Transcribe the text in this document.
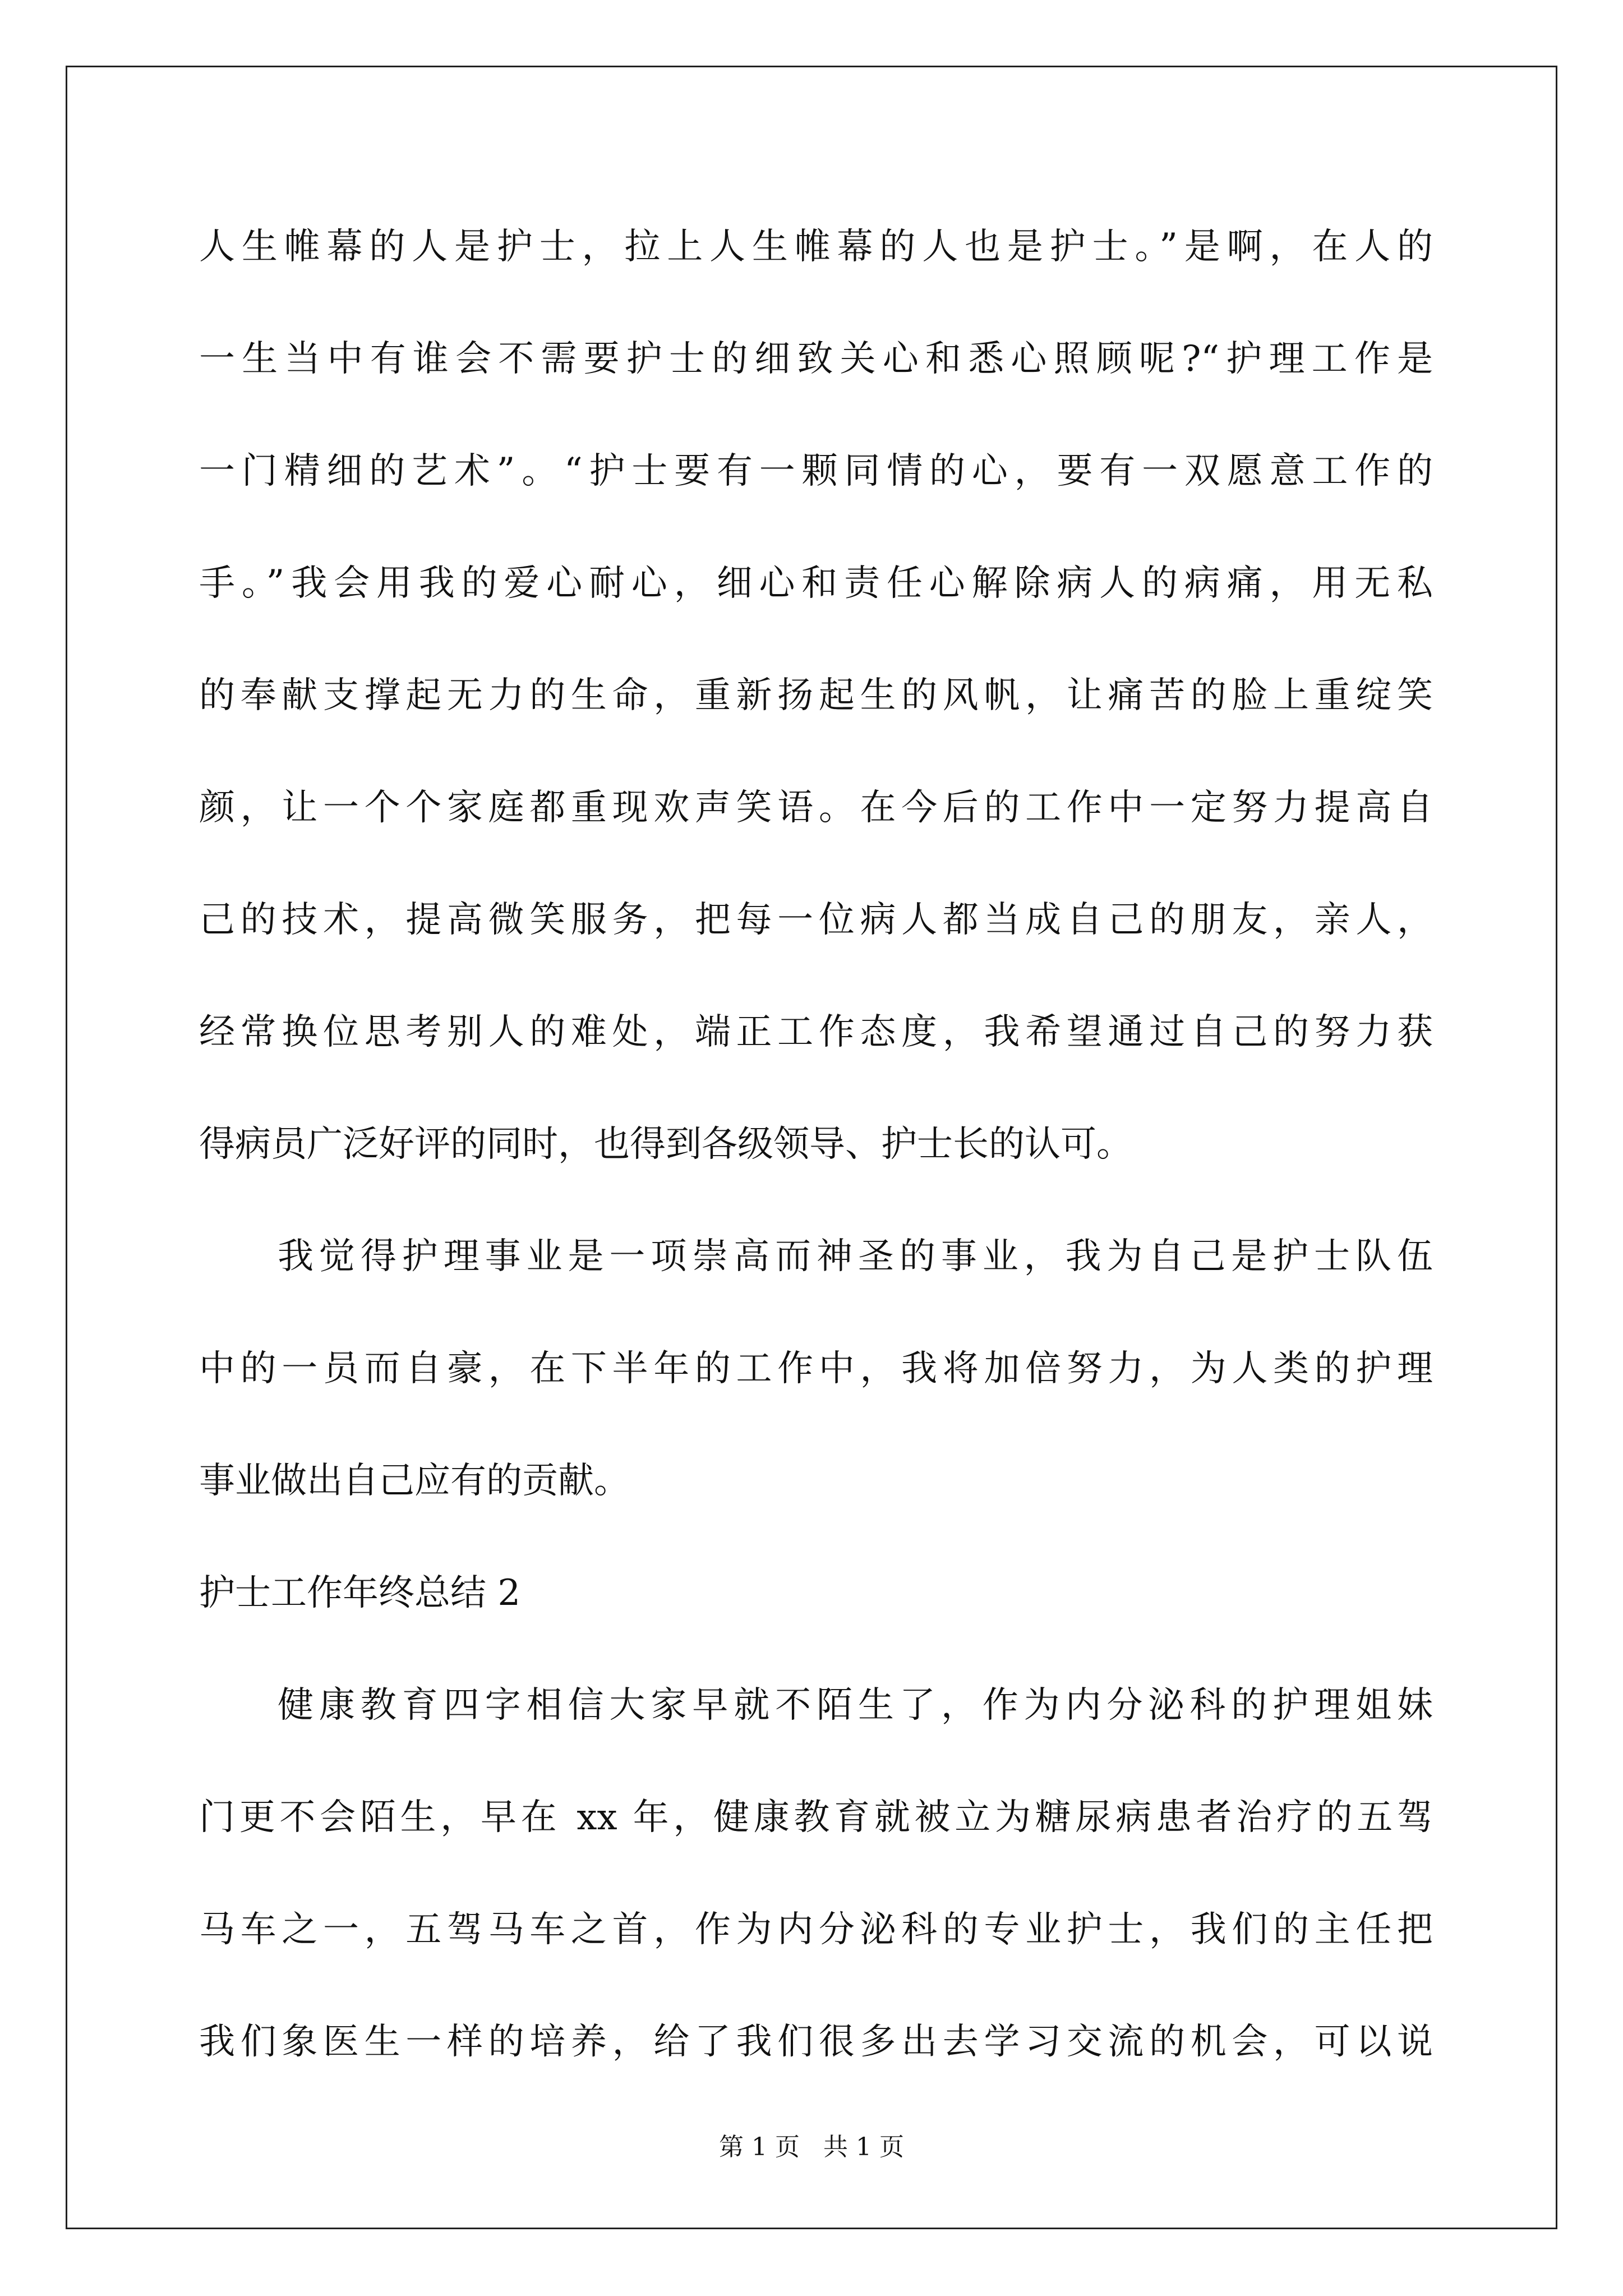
人生帷幕的人是护士，拉上人生帷幕的人也是护士。”是啊，在人的
一生当中有谁会不需要护士的细致关心和悉心照顾呢?“护理工作是
一门精细的艺术”。“护士要有一颗同情的心，要有一双愿意工作的
手。”我会用我的爱心耐心，细心和责任心解除病人的病痛，用无私
的奉献支撑起无力的生命，重新扬起生的风帆，让痛苦的脸上重绽笑
颜，让一个个家庭都重现欢声笑语。在今后的工作中一定努力提高自
己的技术，提高微笑服务，把每一位病人都当成自己的朋友，亲人，
经常换位思考别人的难处，端正工作态度，我希望通过自己的努力获
得病员广泛好评的同时，也得到各级领导、护士长的认可。
我觉得护理事业是一项崇高而神圣的事业，我为自己是护士队伍
中的一员而自豪，在下半年的工作中，我将加倍努力，为人类的护理
事业做出自己应有的贡献。
护士工作年终总结 2
健康教育四字相信大家早就不陌生了，作为内分泌科的护理姐妹
门更不会陌生，早在 xx 年，健康教育就被立为糖尿病患者治疗的五驾
马车之一，五驾马车之首，作为内分泌科的专业护士，我们的主任把
我们象医生一样的培养，给了我们很多出去学习交流的机会，可以说
第 1 页   共 1 页
